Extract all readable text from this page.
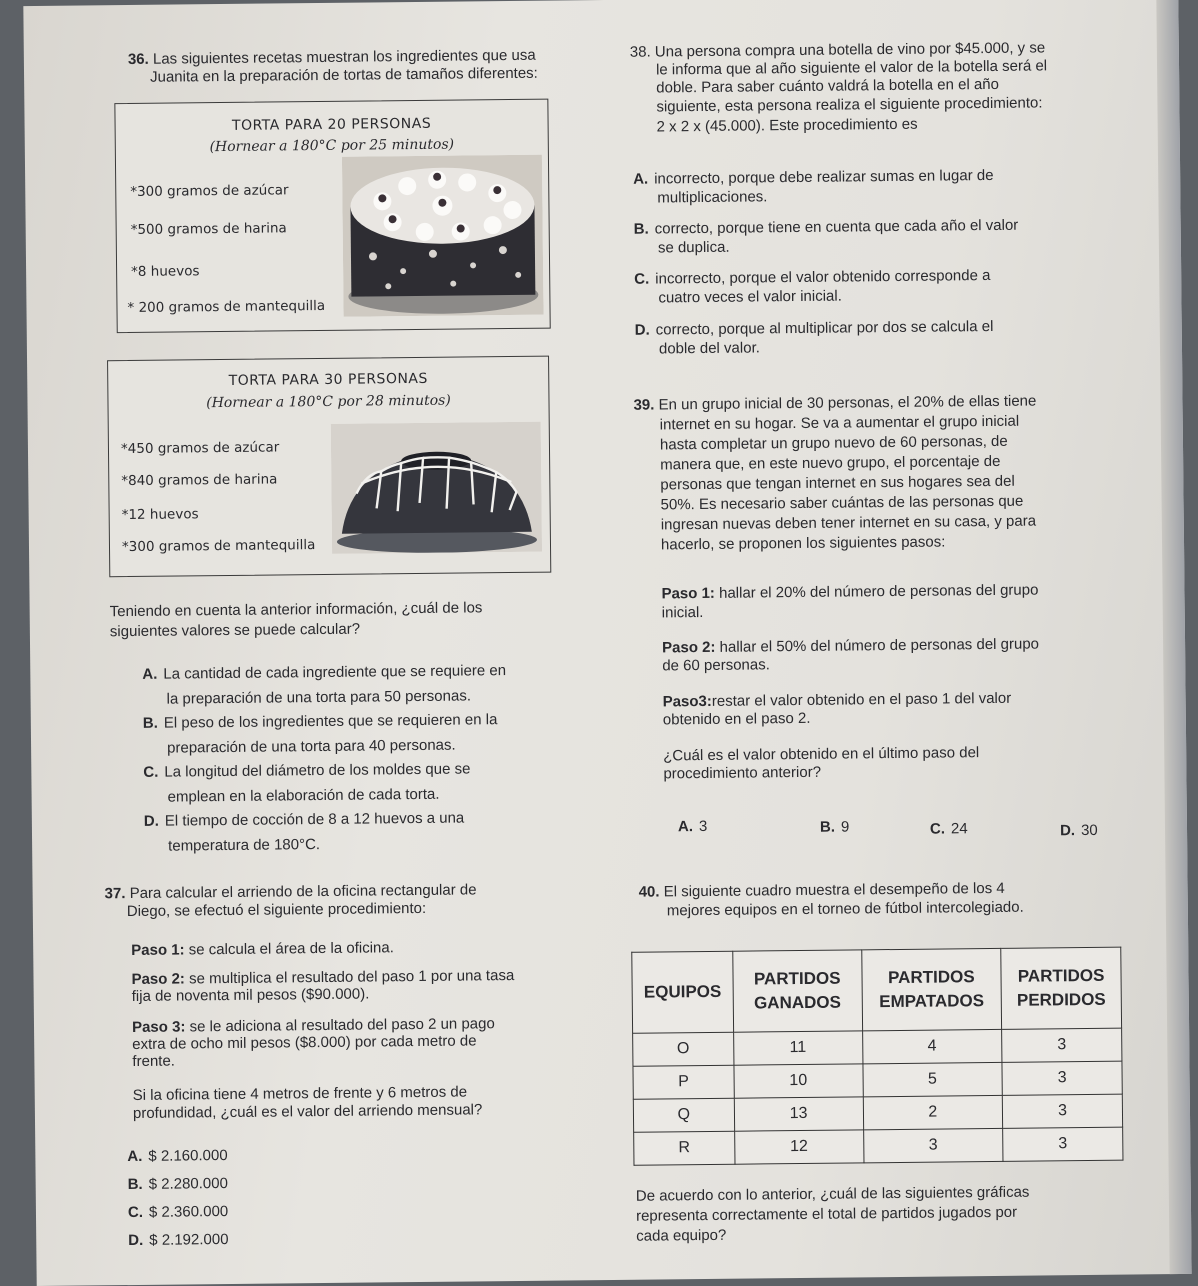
36. Las siguientes recetas muestran los ingredientes que usa
Juanita en la preparación de tortas de tamaños diferentes:
TORTA PARA 20 PERSONAS
(Hornear a 180°C por 25 minutos)
*300 gramos de azúcar
*500 gramos de harina
*8 huevos
* 200 gramos de mantequilla
TORTA PARA 30 PERSONAS
(Hornear a 180°C por 28 minutos)
*450 gramos de azúcar
*840 gramos de harina
*12 huevos
*300 gramos de mantequilla
Teniendo en cuenta la anterior información, ¿cuál de los
siguientes valores se puede calcular?
A. La cantidad de cada ingrediente que se requiere en
la preparación de una torta para 50 personas.
B. El peso de los ingredientes que se requieren en la
preparación de una torta para 40 personas.
C. La longitud del diámetro de los moldes que se
emplean en la elaboración de cada torta.
D. El tiempo de cocción de 8 a 12 huevos a una
temperatura de 180°C.
37. Para calcular el arriendo de la oficina rectangular de
Diego, se efectuó el siguiente procedimiento:
Paso 1: se calcula el área de la oficina.
Paso 2: se multiplica el resultado del paso 1 por una tasa
fija de noventa mil pesos ($90.000).
Paso 3: se le adiciona al resultado del paso 2 un pago
extra de ocho mil pesos ($8.000) por cada metro de
frente.
Si la oficina tiene 4 metros de frente y 6 metros de
profundidad, ¿cuál es el valor del arriendo mensual?
A. $ 2.160.000
B. $ 2.280.000
C. $ 2.360.000
D. $ 2.192.000
38. Una persona compra una botella de vino por $45.000, y se
le informa que al año siguiente el valor de la botella será el
doble. Para saber cuánto valdrá la botella en el año
siguiente, esta persona realiza el siguiente procedimiento:
2 x 2 x (45.000). Este procedimiento es
A. incorrecto, porque debe realizar sumas en lugar de
multiplicaciones.
B. correcto, porque tiene en cuenta que cada año el valor
se duplica.
C. incorrecto, porque el valor obtenido corresponde a
cuatro veces el valor inicial.
D. correcto, porque al multiplicar por dos se calcula el
doble del valor.
39. En un grupo inicial de 30 personas, el 20% de ellas tiene
internet en su hogar. Se va a aumentar el grupo inicial
hasta completar un grupo nuevo de 60 personas, de
manera que, en este nuevo grupo, el porcentaje de
personas que tengan internet en sus hogares sea del
50%. Es necesario saber cuántas de las personas que
ingresan nuevas deben tener internet en su casa, y para
hacerlo, se proponen los siguientes pasos:
Paso 1: hallar el 20% del número de personas del grupo
inicial.
Paso 2: hallar el 50% del número de personas del grupo
de 60 personas.
Paso3:restar el valor obtenido en el paso 1 del valor
obtenido en el paso 2.
¿Cuál es el valor obtenido en el último paso del
procedimiento anterior?
A. 3	B. 9	C. 24	D. 30
40. El siguiente cuadro muestra el desempeño de los 4
mejores equipos en el torneo de fútbol intercolegiado.
EQUIPOS	PARTIDOS GANADOS	PARTIDOS EMPATADOS	PARTIDOS PERDIDOS
O	11	4	3
P	10	5	3
Q	13	2	3
R	12	3	3
De acuerdo con lo anterior, ¿cuál de las siguientes gráficas
representa correctamente el total de partidos jugados por
cada equipo?
